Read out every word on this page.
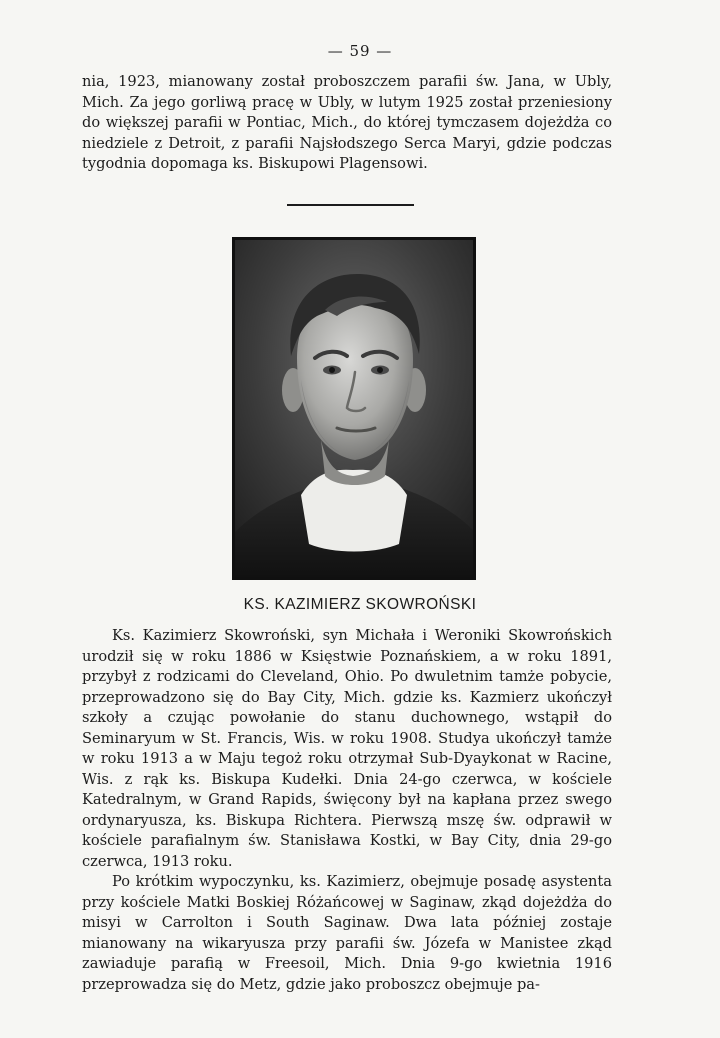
— 59 —

nia, 1923, mianowany został proboszczem parafii św. Jana, w Ubly, Mich. Za jego gorliwą pracę w Ubly, w lutym 1925 został przeniesiony do większej parafii w Pontiac, Mich., do której tymczasem dojeżdża co niedziele z Detroit, z parafii Najsłodszego Serca Maryi, gdzie podczas tygodnia dopomaga ks. Biskupowi Plagensowi.

KS. KAZIMIERZ SKOWROŃSKI

Ks. Kazimierz Skowroński, syn Michała i Weroniki Skowrońskich urodził się w roku 1886 w Księstwie Poznańskiem, a w roku 1891, przybył z rodzicami do Cleveland, Ohio. Po dwuletnim tamże pobycie, przeprowadzono się do Bay City, Mich. gdzie ks. Kazmierz ukończył szkoły a czując powołanie do stanu duchownego, wstąpił do Seminaryum w St. Francis, Wis. w roku 1908. Studya ukończył tamże w roku 1913 a w Maju tegoż roku otrzymał Sub-Dyaykonat w Racine, Wis. z rąk ks. Biskupa Kudełki. Dnia 24-go czerwca, w kościele Katedralnym, w Grand Rapids, święcony był na kapłana przez swego ordynaryusza, ks. Biskupa Richtera. Pierwszą mszę św. odprawił w kościele parafialnym św. Stanisława Kostki, w Bay City, dnia 29-go czerwca, 1913 roku.

Po krótkim wypoczynku, ks. Kazimierz, obejmuje posadę asystenta przy kościele Matki Boskiej Różańcowej w Saginaw, zkąd dojeżdża do misyi w Carrolton i South Saginaw. Dwa lata później zostaje mianowany na wikaryusza przy parafii św. Józefa w Manistee zkąd zawiaduje parafią w Freesoil, Mich. Dnia 9-go kwietnia 1916 przeprowadza się do Metz, gdzie jako proboszcz obejmuje pa-
